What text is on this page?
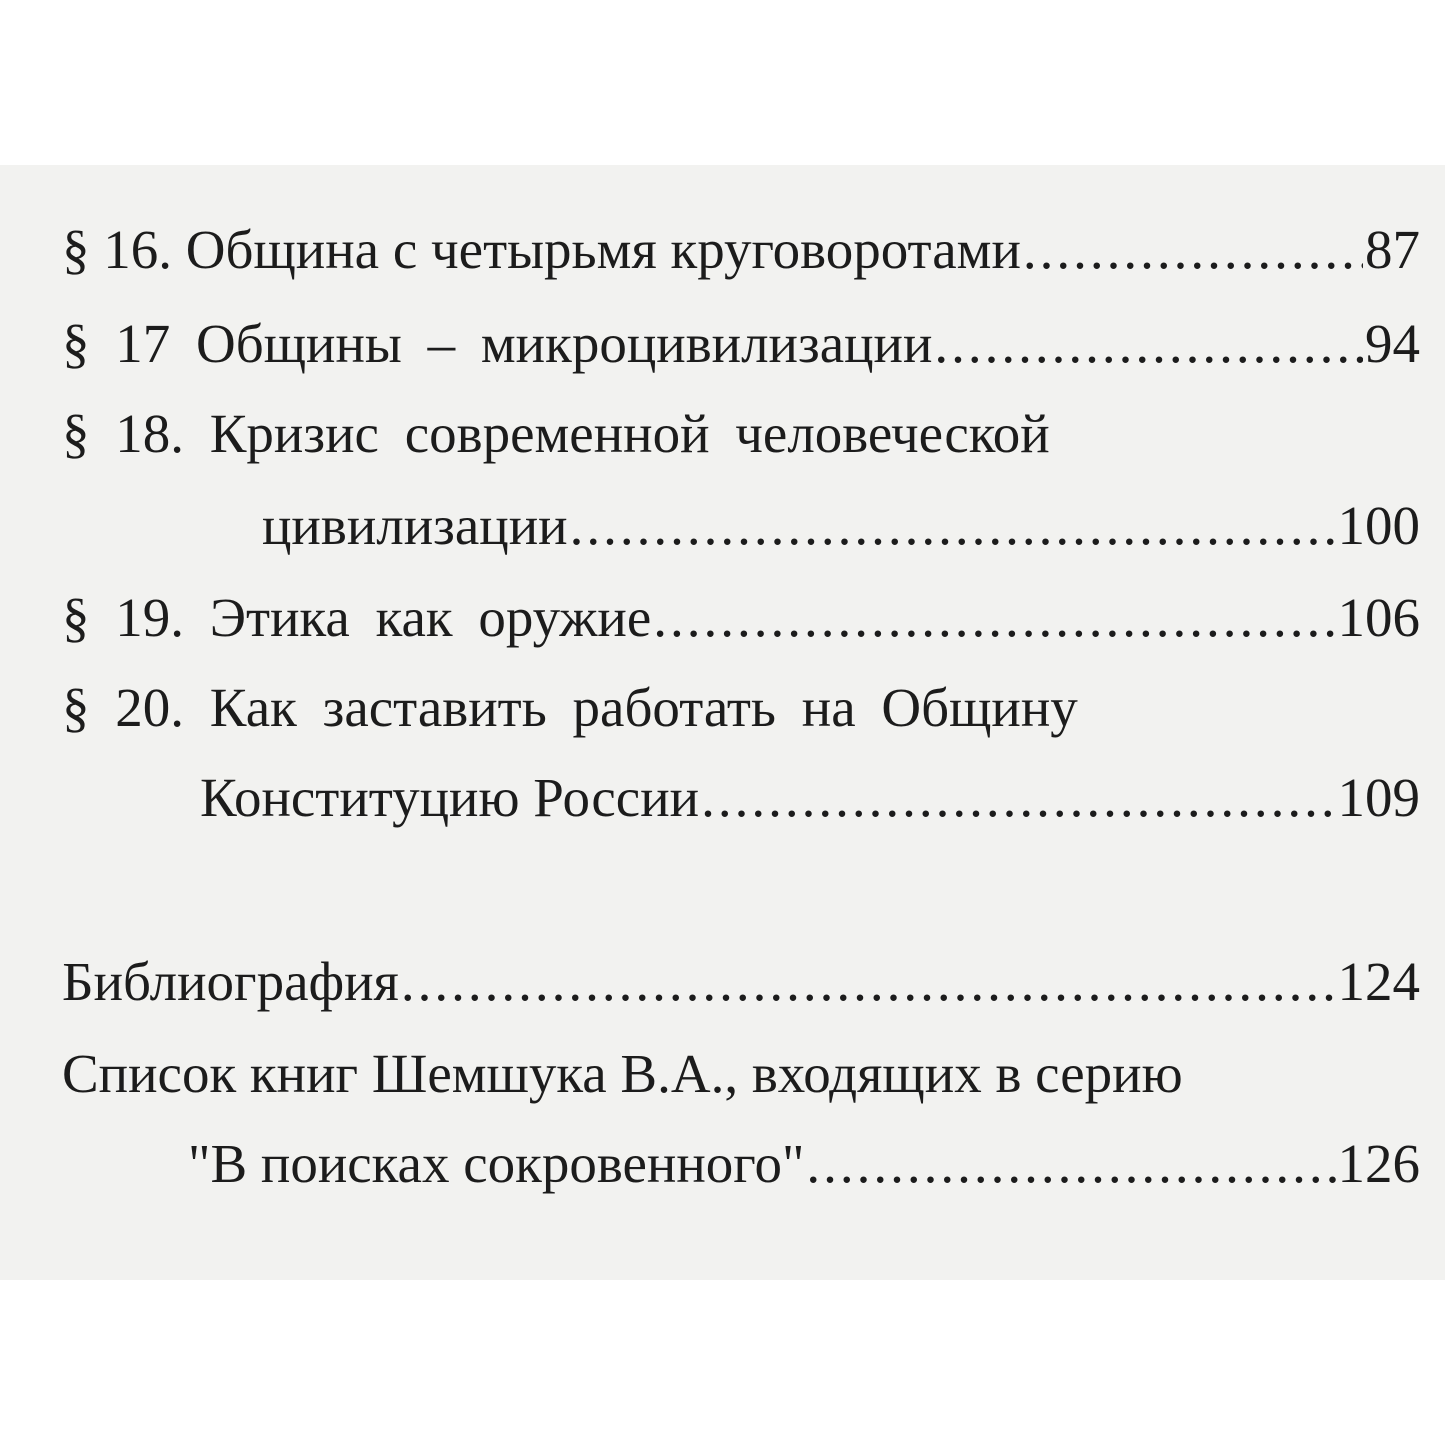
§ 16. Община с четырьмя круговоротами .....	87
§ 17 Общины – микроцивилизации .....	94
§ 18. Кризис современной человеческой
цивилизации .....	100
§ 19. Этика как оружие .....	106
§ 20. Как заставить работать на Общину
Конституцию России .....	109
Библиография .....	124
Список книг Шемшука В.А., входящих в серию
"В поисках сокровенного" .....	126
